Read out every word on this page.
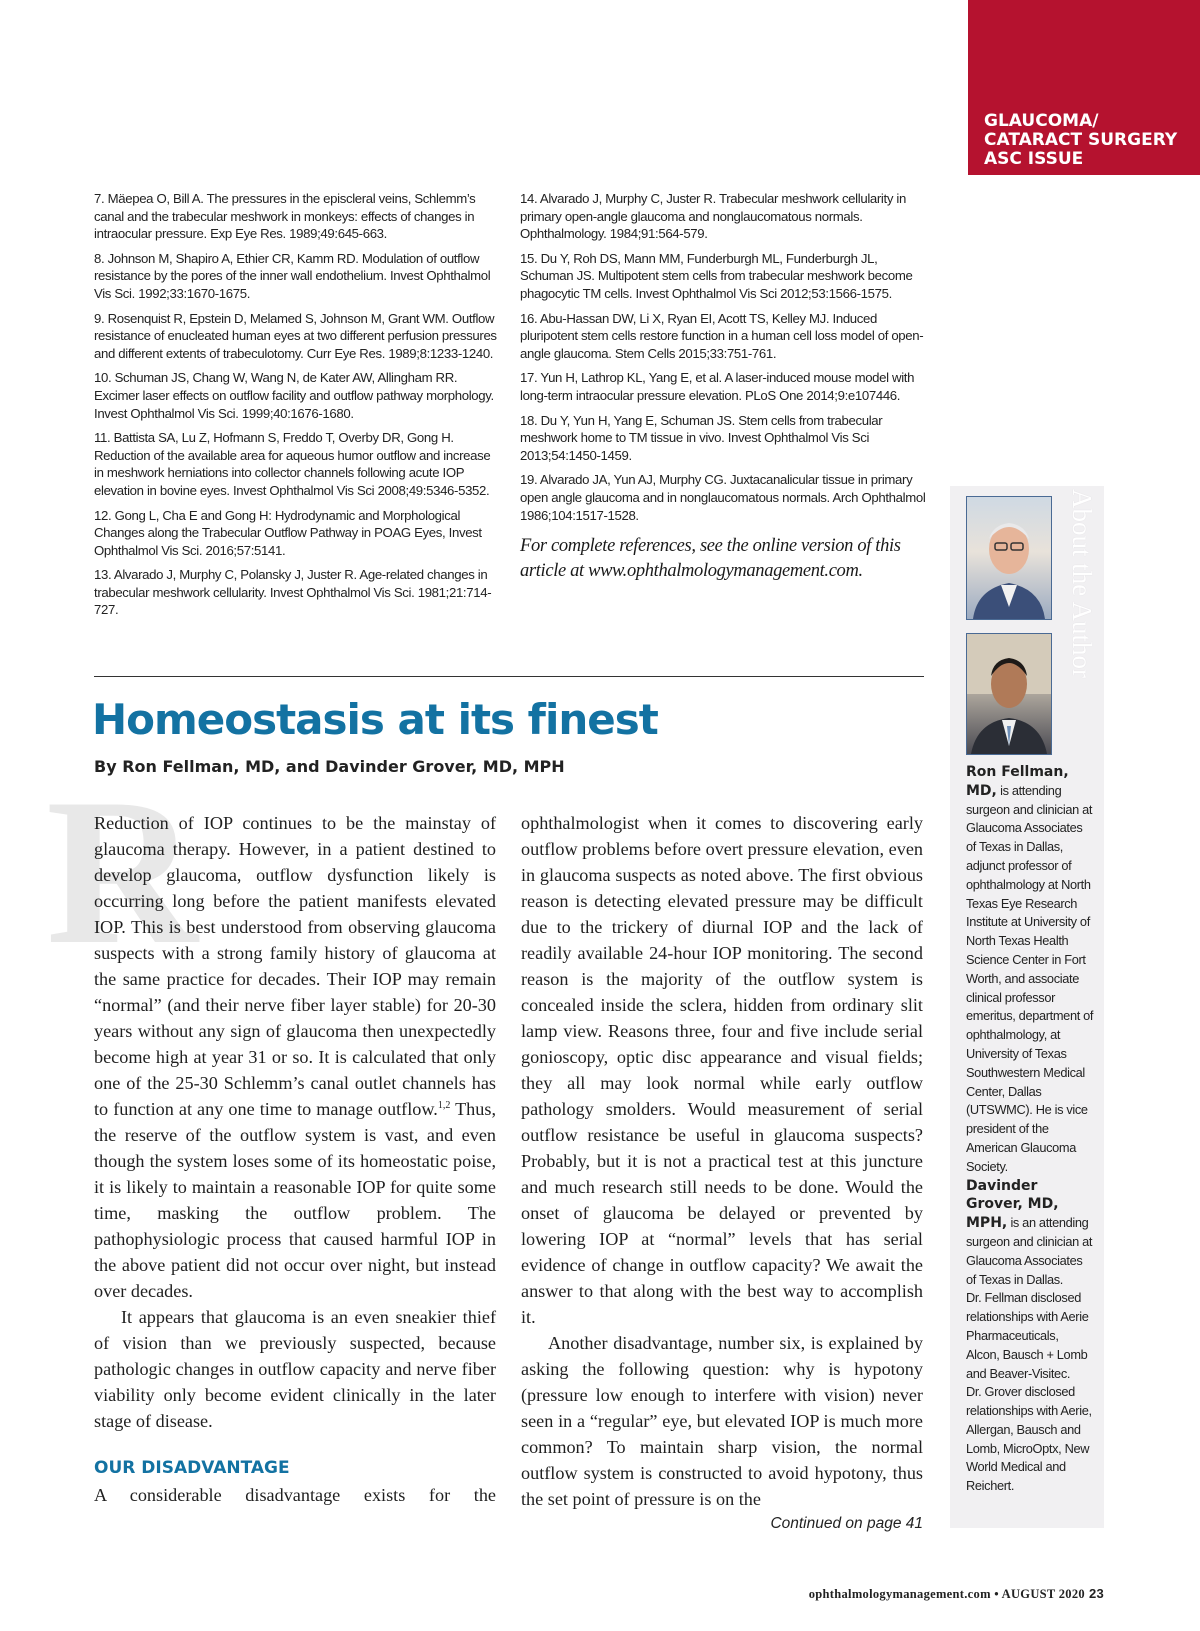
GLAUCOMA/
CATARACT SURGERY
ASC ISSUE

7. Mäepea O, Bill A. The pressures in the episcleral veins, Schlemm’s canal and the trabecular meshwork in monkeys: effects of changes in intraocular pressure. Exp Eye Res. 1989;49:645-663.

8. Johnson M, Shapiro A, Ethier CR, Kamm RD. Modulation of outflow resistance by the pores of the inner wall endothelium. Invest Ophthalmol Vis Sci. 1992;33:1670-1675.

9. Rosenquist R, Epstein D, Melamed S, Johnson M, Grant WM. Outflow resistance of enucleated human eyes at two different perfusion pressures and different extents of trabeculotomy. Curr Eye Res. 1989;8:1233-1240.

10. Schuman JS, Chang W, Wang N, de Kater AW, Allingham RR. Excimer laser effects on outflow facility and outflow pathway morphology. Invest Ophthalmol Vis Sci. 1999;40:1676-1680.

11. Battista SA, Lu Z, Hofmann S, Freddo T, Overby DR, Gong H. Reduction of the available area for aqueous humor outflow and increase in meshwork herniations into collector channels following acute IOP elevation in bovine eyes. Invest Ophthalmol Vis Sci 2008;49:5346-5352.

12. Gong L, Cha E and Gong H: Hydrodynamic and Morphological Changes along the Trabecular Outflow Pathway in POAG Eyes, Invest Ophthalmol Vis Sci. 2016;57:5141.

13. Alvarado J, Murphy C, Polansky J, Juster R. Age-related changes in trabecular meshwork cellularity. Invest Ophthalmol Vis Sci. 1981;21:714-727.

14. Alvarado J, Murphy C, Juster R. Trabecular meshwork cellularity in primary open-angle glaucoma and nonglaucomatous normals. Ophthalmology. 1984;91:564-579.

15. Du Y, Roh DS, Mann MM, Funderburgh ML, Funderburgh JL, Schuman JS. Multipotent stem cells from trabecular meshwork become phagocytic TM cells. Invest Ophthalmol Vis Sci 2012;53:1566-1575.

16. Abu-Hassan DW, Li X, Ryan EI, Acott TS, Kelley MJ. Induced pluripotent stem cells restore function in a human cell loss model of open-angle glaucoma. Stem Cells 2015;33:751-761.

17. Yun H, Lathrop KL, Yang E, et al. A laser-induced mouse model with long-term intraocular pressure elevation. PLoS One 2014;9:e107446.

18. Du Y, Yun H, Yang E, Schuman JS. Stem cells from trabecular meshwork home to TM tissue in vivo. Invest Ophthalmol Vis Sci 2013;54:1450-1459.

19. Alvarado JA, Yun AJ, Murphy CG. Juxtacanalicular tissue in primary open angle glaucoma and in nonglaucomatous normals. Arch Ophthalmol 1986;104:1517-1528.

For complete references, see the online version of this article at www.ophthalmologymanagement.com.

Homeostasis at its finest
By Ron Fellman, MD, and Davinder Grover, MD, MPH
R

Reduction of IOP continues to be the mainstay of glaucoma therapy. However, in a patient destined to develop glaucoma, outflow dysfunction likely is occurring long before the patient manifests elevated IOP. This is best understood from observing glaucoma suspects with a strong family history of glaucoma at the same practice for decades. Their IOP may remain “normal” (and their nerve fiber layer stable) for 20-30 years without any sign of glaucoma then unexpectedly become high at year 31 or so. It is calculated that only one of the 25-30 Schlemm’s canal outlet channels has to function at any one time to manage outflow.$^{1,2}$ Thus, the reserve of the outflow system is vast, and even though the system loses some of its homeostatic poise, it is likely to maintain a reasonable IOP for quite some time, masking the outflow problem. The pathophysiologic process that caused harmful IOP in the above patient did not occur over night, but instead over decades.

It appears that glaucoma is an even sneakier thief of vision than we previously suspected, because pathologic changes in outflow capacity and nerve fiber viability only become evident clinically in the later stage of disease.

OUR DISADVANTAGE

A considerable disadvantage exists for the

ophthalmologist when it comes to discovering early outflow problems before overt pressure elevation, even in glaucoma suspects as noted above. The first obvious reason is detecting elevated pressure may be difficult due to the trickery of diurnal IOP and the lack of readily available 24-hour IOP monitoring. The second reason is the majority of the outflow system is concealed inside the sclera, hidden from ordinary slit lamp view. Reasons three, four and five include serial gonioscopy, optic disc appearance and visual fields; they all may look normal while early outflow pathology smolders. Would measurement of serial outflow resistance be useful in glaucoma suspects? Probably, but it is not a practical test at this juncture and much research still needs to be done. Would the onset of glaucoma be delayed or prevented by lowering IOP at “normal” levels that has serial evidence of change in outflow capacity? We await the answer to that along with the best way to accomplish it.

Another disadvantage, number six, is explained by asking the following question: why is hypotony (pressure low enough to interfere with vision) never seen in a “regular” eye, but elevated IOP is much more common? To maintain sharp vision, the normal outflow system is constructed to avoid hypotony, thus the set point of pressure is on the

Continued on page 41

About the Author

Ron Fellman, MD, is attending surgeon and clinician at Glaucoma Associates of Texas in Dallas, adjunct professor of ophthalmology at North Texas Eye Research Institute at University of North Texas Health Science Center in Fort Worth, and associate clinical professor emeritus, department of ophthalmology, at University of Texas Southwestern Medical Center, Dallas (UTSWMC). He is vice president of the American Glaucoma Society.

Davinder Grover, MD, MPH, is an attending surgeon and clinician at Glaucoma Associates of Texas in Dallas.

Dr. Fellman disclosed relationships with Aerie Pharmaceuticals, Alcon, Bausch + Lomb and Beaver-Visitec.

Dr. Grover disclosed relationships with Aerie, Allergan, Bausch and Lomb, MicroOptx, New World Medical and Reichert.

ophthalmologymanagement.com • AUGUST 2020 23
